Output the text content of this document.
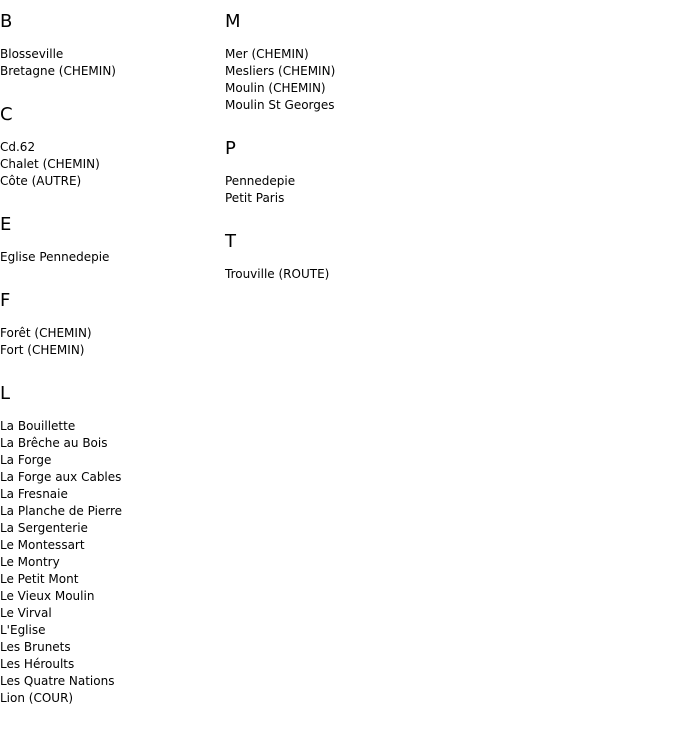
B
Blosseville
Bretagne (CHEMIN)
C
Cd.62
Chalet (CHEMIN)
Côte (AUTRE)
E
Eglise Pennedepie
F
Forêt (CHEMIN)
Fort (CHEMIN)
L
La Bouillette
La Brêche au Bois
La Forge
La Forge aux Cables
La Fresnaie
La Planche de Pierre
La Sergenterie
Le Montessart
Le Montry
Le Petit Mont
Le Vieux Moulin
Le Virval
L'Eglise
Les Brunets
Les Héroults
Les Quatre Nations
Lion (COUR)
M
Mer (CHEMIN)
Mesliers (CHEMIN)
Moulin (CHEMIN)
Moulin St Georges
P
Pennedepie
Petit Paris
T
Trouville (ROUTE)
